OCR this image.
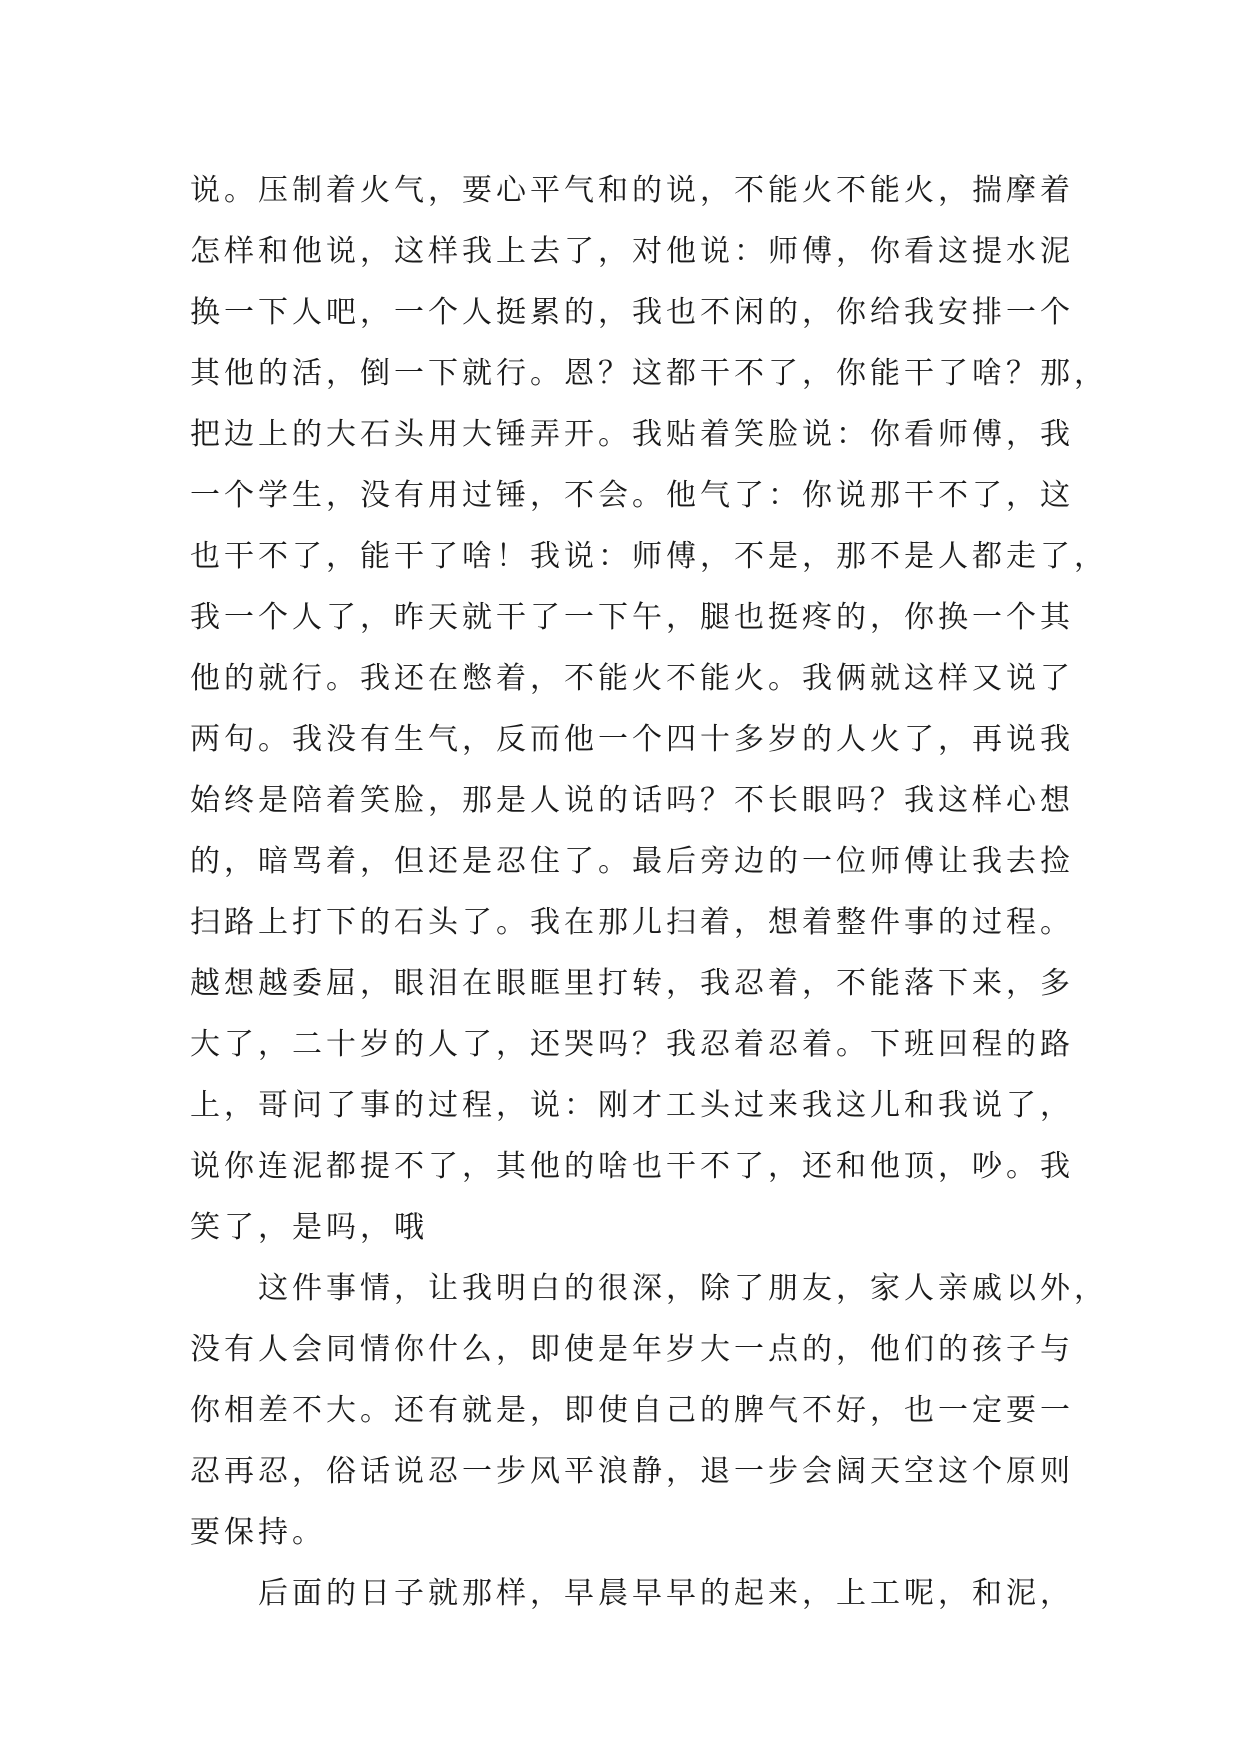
说。压制着火气，要心平气和的说，不能火不能火，揣摩着
怎样和他说，这样我上去了，对他说：师傅，你看这提水泥
换一下人吧，一个人挺累的，我也不闲的，你给我安排一个
其他的活，倒一下就行。恩？这都干不了，你能干了啥？那，
把边上的大石头用大锤弄开。我贴着笑脸说：你看师傅，我
一个学生，没有用过锤，不会。他气了：你说那干不了，这
也干不了，能干了啥！我说：师傅，不是，那不是人都走了，
我一个人了，昨天就干了一下午，腿也挺疼的，你换一个其
他的就行。我还在憋着，不能火不能火。我俩就这样又说了
两句。我没有生气，反而他一个四十多岁的人火了，再说我
始终是陪着笑脸，那是人说的话吗？不长眼吗？我这样心想
的，暗骂着，但还是忍住了。最后旁边的一位师傅让我去捡
扫路上打下的石头了。我在那儿扫着，想着整件事的过程。
越想越委屈，眼泪在眼眶里打转，我忍着，不能落下来，多
大了，二十岁的人了，还哭吗？我忍着忍着。下班回程的路
上，哥问了事的过程，说：刚才工头过来我这儿和我说了，
说你连泥都提不了，其他的啥也干不了，还和他顶，吵。我
笑了，是吗，哦
这件事情，让我明白的很深，除了朋友，家人亲戚以外，
没有人会同情你什么，即使是年岁大一点的，他们的孩子与
你相差不大。还有就是，即使自己的脾气不好，也一定要一
忍再忍，俗话说忍一步风平浪静，退一步会阔天空这个原则
要保持。
后面的日子就那样，早晨早早的起来，上工呢，和泥，
